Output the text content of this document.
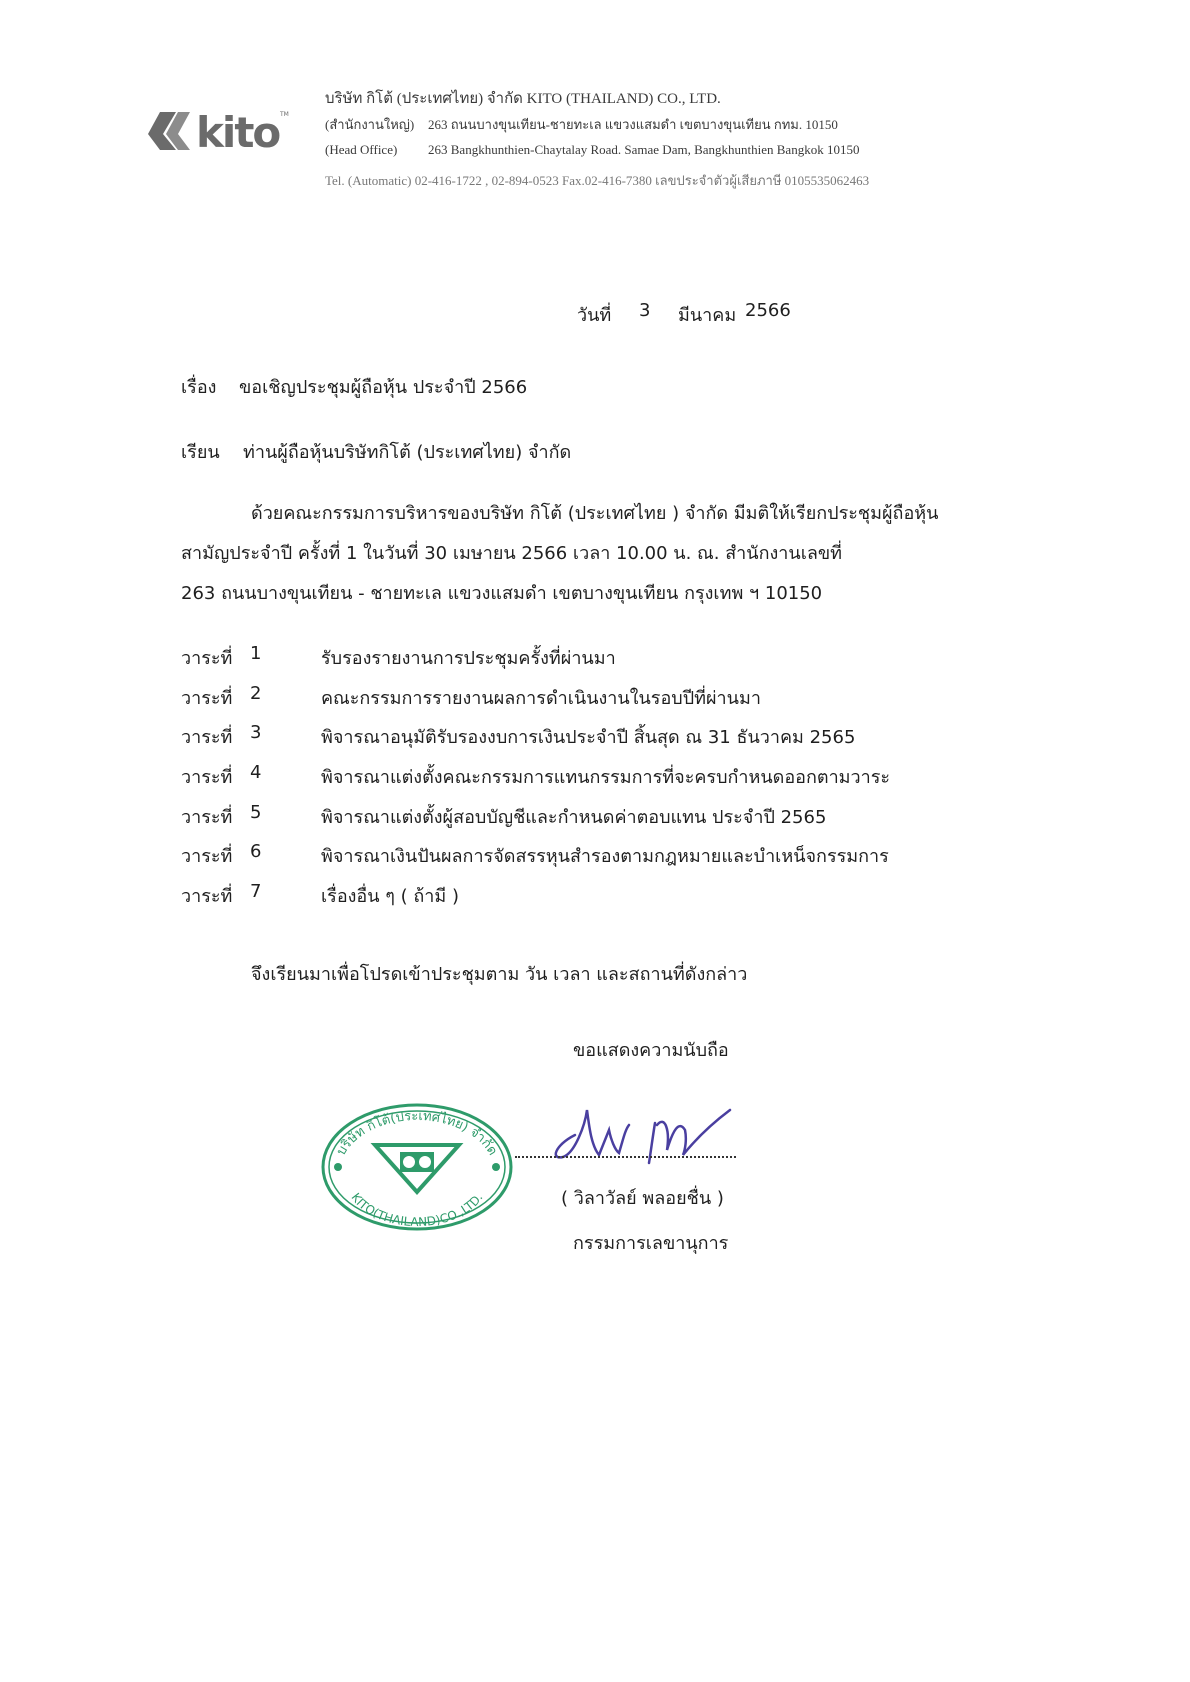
kito TM
บริษัท กิโต้ (ประเทศไทย) จำกัด KITO (THAILAND) CO., LTD.
(สำนักงานใหญ่) 263 ถนนบางขุนเทียน-ชายทะเล แขวงแสมดำ เขตบางขุนเทียน กทม. 10150
(Head Office) 263 Bangkhunthien-Chaytalay Road. Samae Dam, Bangkhunthien Bangkok 10150
Tel. (Automatic) 02-416-1722 , 02-894-0523 Fax.02-416-7380 เลขประจำตัวผู้เสียภาษี 0105535062463
วันที่ 3 มีนาคม 2566
เรื่อง ขอเชิญประชุมผู้ถือหุ้น ประจำปี 2566
เรียน ท่านผู้ถือหุ้นบริษัทกิโต้ (ประเทศไทย) จำกัด
ด้วยคณะกรรมการบริหารของบริษัท กิโต้ (ประเทศไทย ) จำกัด มีมติให้เรียกประชุมผู้ถือหุ้น
สามัญประจำปี ครั้งที่ 1 ในวันที่ 30 เมษายน 2566 เวลา 10.00 น. ณ. สำนักงานเลขที่
263 ถนนบางขุนเทียน - ชายทะเล แขวงแสมดำ เขตบางขุนเทียน กรุงเทพ ฯ 10150
วาระที่ 1	รับรองรายงานการประชุมครั้งที่ผ่านมา
วาระที่ 2	คณะกรรมการรายงานผลการดำเนินงานในรอบปีที่ผ่านมา
วาระที่ 3	พิจารณาอนุมัติรับรองงบการเงินประจำปี สิ้นสุด ณ 31 ธันวาคม 2565
วาระที่ 4	พิจารณาแต่งตั้งคณะกรรมการแทนกรรมการที่จะครบกำหนดออกตามวาระ
วาระที่ 5	พิจารณาแต่งตั้งผู้สอบบัญชีและกำหนดค่าตอบแทน ประจำปี 2565
วาระที่ 6	พิจารณาเงินปันผลการจัดสรรหุนสำรองตามกฎหมายและบำเหน็จกรรมการ
วาระที่ 7	เรื่องอื่น ๆ ( ถ้ามี )
จึงเรียนมาเพื่อโปรดเข้าประชุมตาม วัน เวลา และสถานที่ดังกล่าว
ขอแสดงความนับถือ
บริษัท กิโต้(ประเทศไทย) จำกัด
KITO(THAILAND)CO.,LTD.	( วิลาวัลย์ พลอยชื่น )
กรรมการเลขานุการ
